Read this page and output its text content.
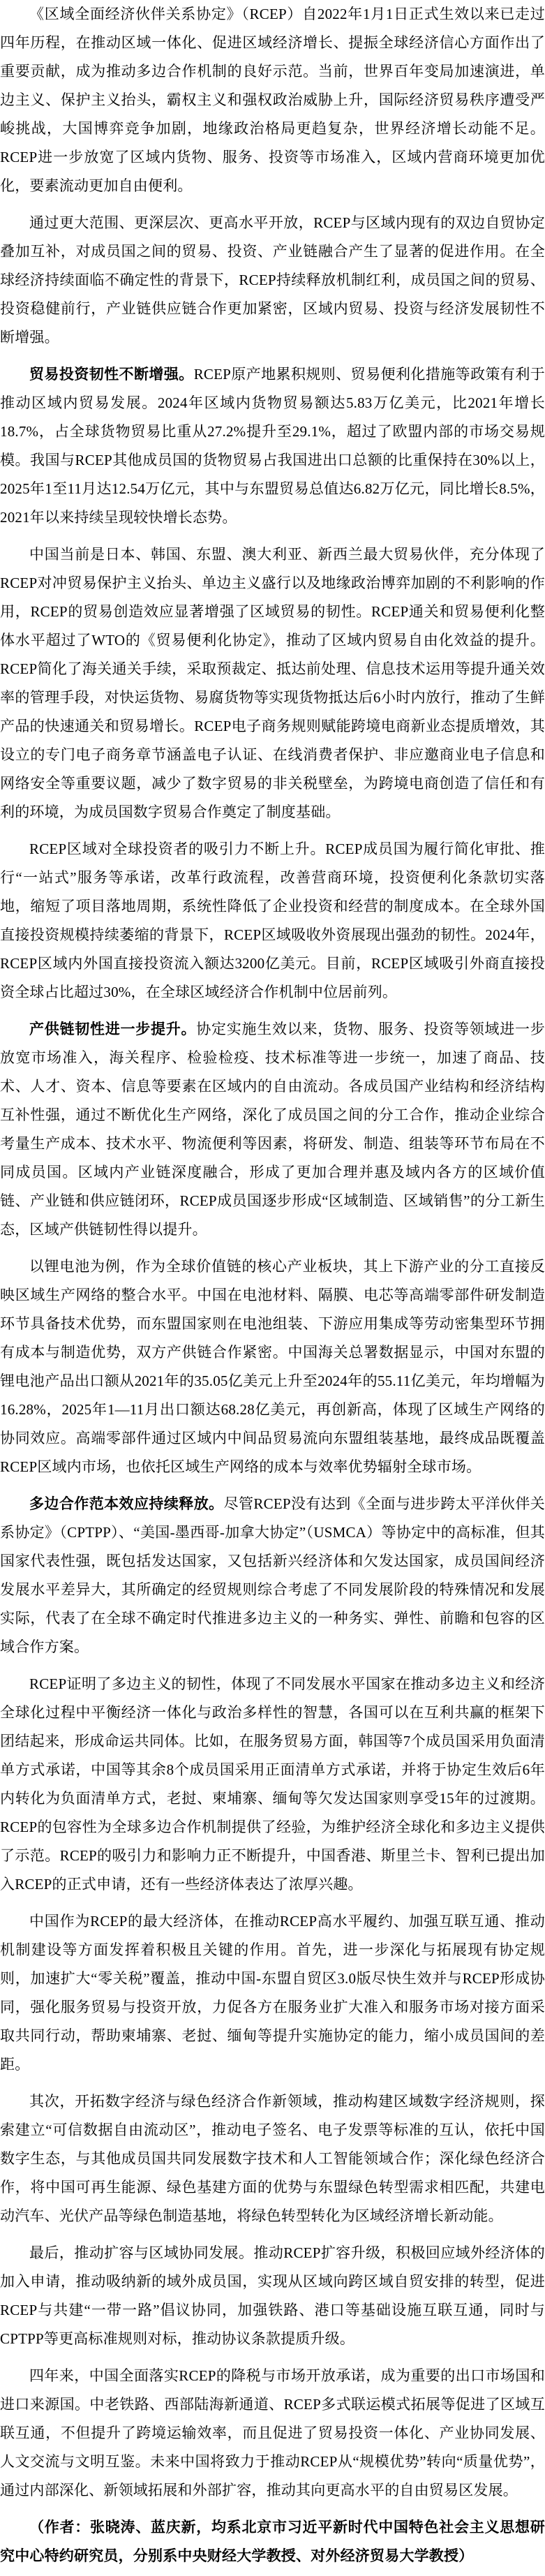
《区域全面经济伙伴关系协定》（RCEP）自2022年1月1日正式生效以来已走过四年历程，在推动区域一体化、促进区域经济增长、提振全球经济信心方面作出了重要贡献，成为推动多边合作机制的良好示范。当前，世界百年变局加速演进，单边主义、保护主义抬头，霸权主义和强权政治威胁上升，国际经济贸易秩序遭受严峻挑战，大国博弈竞争加剧，地缘政治格局更趋复杂，世界经济增长动能不足。RCEP进一步放宽了区域内货物、服务、投资等市场准入，区域内营商环境更加优化，要素流动更加自由便利。

通过更大范围、更深层次、更高水平开放，RCEP与区域内现有的双边自贸协定叠加互补，对成员国之间的贸易、投资、产业链融合产生了显著的促进作用。在全球经济持续面临不确定性的背景下，RCEP持续释放机制红利，成员国之间的贸易、投资稳健前行，产业链供应链合作更加紧密，区域内贸易、投资与经济发展韧性不断增强。

贸易投资韧性不断增强。RCEP原产地累积规则、贸易便利化措施等政策有利于推动区域内贸易发展。2024年区域内货物贸易额达5.83万亿美元，比2021年增长18.7%，占全球货物贸易比重从27.2%提升至29.1%，超过了欧盟内部的市场交易规模。我国与RCEP其他成员国的货物贸易占我国进出口总额的比重保持在30%以上，2025年1至11月达12.54万亿元，其中与东盟贸易总值达6.82万亿元，同比增长8.5%，2021年以来持续呈现较快增长态势。

中国当前是日本、韩国、东盟、澳大利亚、新西兰最大贸易伙伴，充分体现了RCEP对冲贸易保护主义抬头、单边主义盛行以及地缘政治博弈加剧的不利影响的作用，RCEP的贸易创造效应显著增强了区域贸易的韧性。RCEP通关和贸易便利化整体水平超过了WTO的《贸易便利化协定》，推动了区域内贸易自由化效益的提升。RCEP简化了海关通关手续，采取预裁定、抵达前处理、信息技术运用等提升通关效率的管理手段，对快运货物、易腐货物等实现货物抵达后6小时内放行，推动了生鲜产品的快速通关和贸易增长。RCEP电子商务规则赋能跨境电商新业态提质增效，其设立的专门电子商务章节涵盖电子认证、在线消费者保护、非应邀商业电子信息和网络安全等重要议题，减少了数字贸易的非关税壁垒，为跨境电商创造了信任和有利的环境，为成员国数字贸易合作奠定了制度基础。

RCEP区域对全球投资者的吸引力不断上升。RCEP成员国为履行简化审批、推行“一站式”服务等承诺，改革行政流程，改善营商环境，投资便利化条款切实落地，缩短了项目落地周期，系统性降低了企业投资和经营的制度成本。在全球外国直接投资规模持续萎缩的背景下，RCEP区域吸收外资展现出强劲的韧性。2024年，RCEP区域内外国直接投资流入额达3200亿美元。目前，RCEP区域吸引外商直接投资全球占比超过30%，在全球区域经济合作机制中位居前列。

产供链韧性进一步提升。协定实施生效以来，货物、服务、投资等领域进一步放宽市场准入，海关程序、检验检疫、技术标准等进一步统一，加速了商品、技术、人才、资本、信息等要素在区域内的自由流动。各成员国产业结构和经济结构互补性强，通过不断优化生产网络，深化了成员国之间的分工合作，推动企业综合考量生产成本、技术水平、物流便利等因素，将研发、制造、组装等环节布局在不同成员国。区域内产业链深度融合，形成了更加合理并惠及域内各方的区域价值链、产业链和供应链闭环，RCEP成员国逐步形成“区域制造、区域销售”的分工新生态，区域产供链韧性得以提升。

以锂电池为例，作为全球价值链的核心产业板块，其上下游产业的分工直接反映区域生产网络的整合水平。中国在电池材料、隔膜、电芯等高端零部件研发制造环节具备技术优势，而东盟国家则在电池组装、下游应用集成等劳动密集型环节拥有成本与制造优势，双方产供链合作紧密。中国海关总署数据显示，中国对东盟的锂电池产品出口额从2021年的35.05亿美元上升至2024年的55.11亿美元，年均增幅为16.28%，2025年1—11月出口额达68.28亿美元，再创新高，体现了区域生产网络的协同效应。高端零部件通过区域内中间品贸易流向东盟组装基地，最终成品既覆盖RCEP区域内市场，也依托区域生产网络的成本与效率优势辐射全球市场。

多边合作范本效应持续释放。尽管RCEP没有达到《全面与进步跨太平洋伙伴关系协定》（CPTPP）、“美国-墨西哥-加拿大协定”（USMCA）等协定中的高标准，但其国家代表性强，既包括发达国家，又包括新兴经济体和欠发达国家，成员国间经济发展水平差异大，其所确定的经贸规则综合考虑了不同发展阶段的特殊情况和发展实际，代表了在全球不确定时代推进多边主义的一种务实、弹性、前瞻和包容的区域合作方案。

RCEP证明了多边主义的韧性，体现了不同发展水平国家在推动多边主义和经济全球化过程中平衡经济一体化与政治多样性的智慧，各国可以在互利共赢的框架下团结起来，形成命运共同体。比如，在服务贸易方面，韩国等7个成员国采用负面清单方式承诺，中国等其余8个成员国采用正面清单方式承诺，并将于协定生效后6年内转化为负面清单方式，老挝、柬埔寨、缅甸等欠发达国家则享受15年的过渡期。RCEP的包容性为全球多边合作机制提供了经验，为维护经济全球化和多边主义提供了示范。RCEP的吸引力和影响力正不断提升，中国香港、斯里兰卡、智利已提出加入RCEP的正式申请，还有一些经济体表达了浓厚兴趣。

中国作为RCEP的最大经济体，在推动RCEP高水平履约、加强互联互通、推动机制建设等方面发挥着积极且关键的作用。首先，进一步深化与拓展现有协定规则，加速扩大“零关税”覆盖，推动中国-东盟自贸区3.0版尽快生效并与RCEP形成协同，强化服务贸易与投资开放，力促各方在服务业扩大准入和服务市场对接方面采取共同行动，帮助柬埔寨、老挝、缅甸等提升实施协定的能力，缩小成员国间的差距。

其次，开拓数字经济与绿色经济合作新领域，推动构建区域数字经济规则，探索建立“可信数据自由流动区”，推动电子签名、电子发票等标准的互认，依托中国数字生态，与其他成员国共同发展数字技术和人工智能领域合作；深化绿色经济合作，将中国可再生能源、绿色基建方面的优势与东盟绿色转型需求相匹配，共建电动汽车、光伏产品等绿色制造基地，将绿色转型转化为区域经济增长新动能。

最后，推动扩容与区域协同发展。推动RCEP扩容升级，积极回应域外经济体的加入申请，推动吸纳新的域外成员国，实现从区域向跨区域自贸安排的转型，促进RCEP与共建“一带一路”倡议协同，加强铁路、港口等基础设施互联互通，同时与CPTPP等更高标准规则对标，推动协议条款提质升级。

四年来，中国全面落实RCEP的降税与市场开放承诺，成为重要的出口市场国和进口来源国。中老铁路、西部陆海新通道、RCEP多式联运模式拓展等促进了区域互联互通，不但提升了跨境运输效率，而且促进了贸易投资一体化、产业协同发展、人文交流与文明互鉴。未来中国将致力于推动RCEP从“规模优势”转向“质量优势”，通过内部深化、新领域拓展和外部扩容，推动其向更高水平的自由贸易区发展。

（作者：张晓涛、蓝庆新，均系北京市习近平新时代中国特色社会主义思想研究中心特约研究员，分别系中央财经大学教授、对外经济贸易大学教授）
